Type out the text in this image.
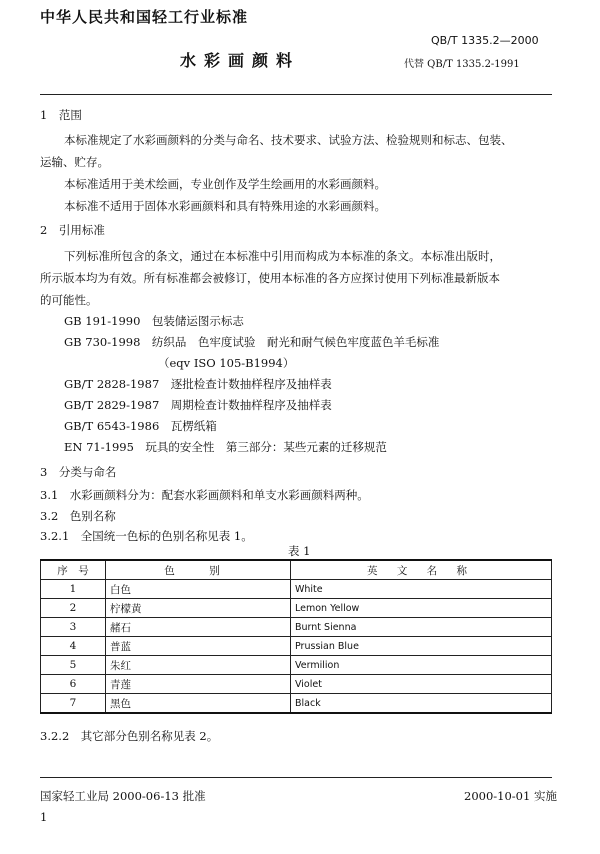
中华人民共和国轻工行业标准
QB/T 1335.2—2000
水彩画颜料	代替 QB/T 1335.2-1991
1　范围
本标准规定了水彩画颜料的分类与命名、技术要求、试验方法、检验规则和标志、包装、
运输、贮存。
本标准适用于美术绘画，专业创作及学生绘画用的水彩画颜料。
本标准不适用于固体水彩画颜料和具有特殊用途的水彩画颜料。
2　引用标准
下列标准所包含的条文，通过在本标准中引用而构成为本标准的条文。本标准出版时，
所示版本均为有效。所有标准都会被修订，使用本标准的各方应探讨使用下列标准最新版本
的可能性。
GB 191-1990　包装储运图示标志
GB 730-1998　纺织品　色牢度试验　耐光和耐气候色牢度蓝色羊毛标准
（eqv ISO 105-B1994）
GB/T 2828-1987　逐批检查计数抽样程序及抽样表
GB/T 2829-1987　周期检查计数抽样程序及抽样表
GB/T 6543-1986　瓦楞纸箱
EN 71-1995　玩具的安全性　第三部分：某些元素的迁移规范
3　分类与命名
3.1　水彩画颜料分为：配套水彩画颜料和单支水彩画颜料两种。
3.2　色别名称
3.2.1　全国统一色标的色别名称见表 1。
表 1
序　号	色　别	英 文 名 称
1	白色	White
2	柠檬黄	Lemon Yellow
3	赭石	Burnt Sienna
4	普蓝	Prussian Blue
5	朱红	Vermilion
6	青莲	Violet
7	黑色	Black
3.2.2　其它部分色别名称见表 2。
国家轻工业局 2000-06-13 批准	2000-10-01 实施
1
